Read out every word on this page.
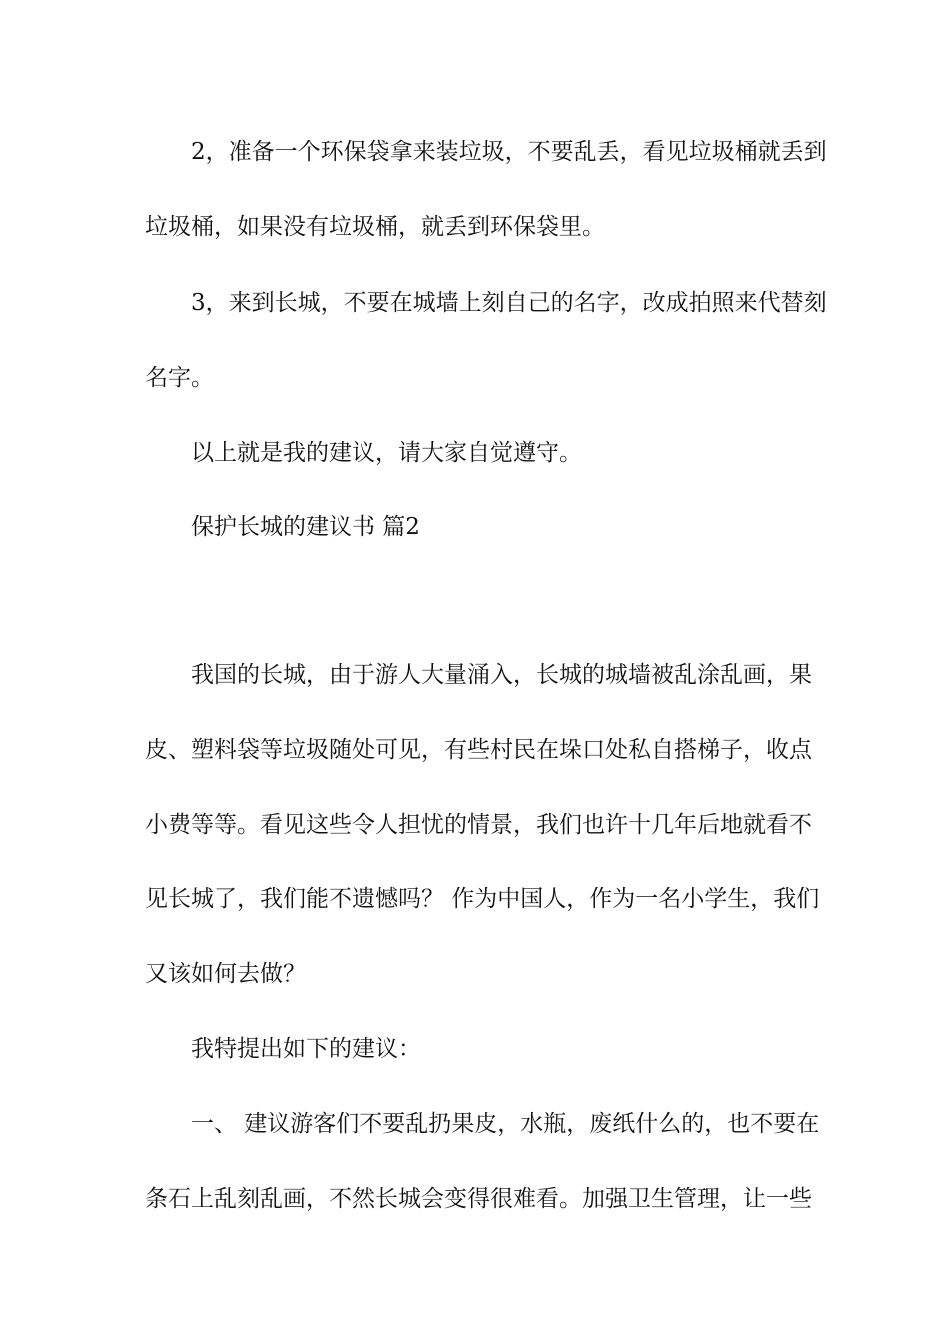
2，准备一个环保袋拿来装垃圾，不要乱丢，看见垃圾桶就丢到
垃圾桶，如果没有垃圾桶，就丢到环保袋里。
3，来到长城，不要在城墙上刻自己的名字，改成拍照来代替刻
名字。
以上就是我的建议，请大家自觉遵守。
保护长城的建议书 篇2
我国的长城，由于游人大量涌入，长城的城墙被乱涂乱画，果
皮、塑料袋等垃圾随处可见，有些村民在垛口处私自搭梯子，收点
小费等等。看见这些令人担忧的情景，我们也许十几年后地就看不
见长城了，我们能不遗憾吗？ 作为中国人，作为一名小学生，我们
又该如何去做？
我特提出如下的建议：
一、 建议游客们不要乱扔果皮，水瓶，废纸什么的，也不要在
条石上乱刻乱画，不然长城会变得很难看。加强卫生管理，让一些
